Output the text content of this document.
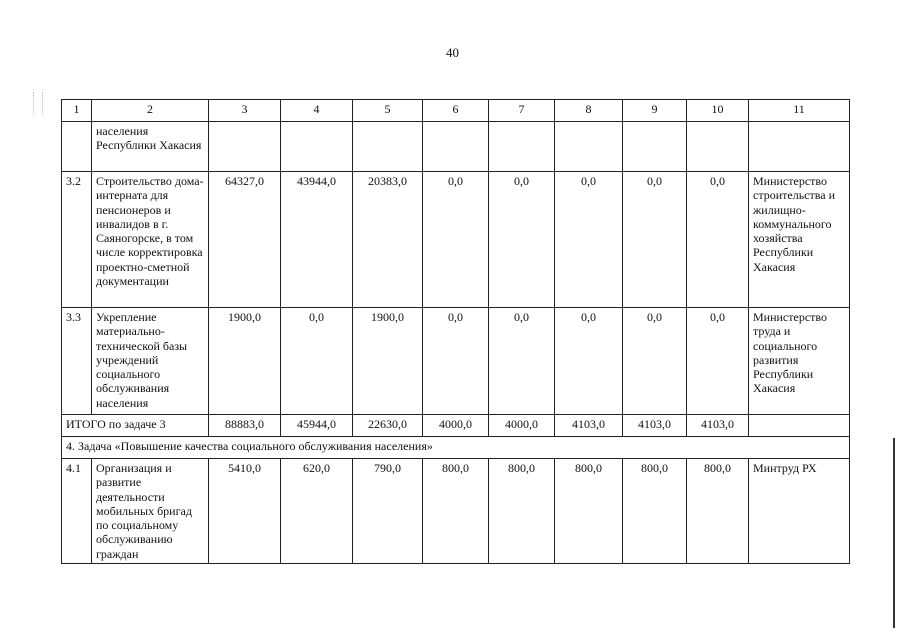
40
1	2	3	4	5	6	7	8	9	10	11
	населения Республики Хакасия									
3.2	Строительство дома-интерната для пенсионеров и инвалидов в г. Саяногорске, в том числе корректировка проектно-сметной документации	64327,0	43944,0	20383,0	0,0	0,0	0,0	0,0	0,0	Министерство строительства и жилищно-коммунального хозяйства Республики Хакасия
3.3	Укрепление материально-технической базы учреждений социального обслуживания населения	1900,0	0,0	1900,0	0,0	0,0	0,0	0,0	0,0	Министерство труда и социального развития Республики Хакасия
ИТОГО по задаче 3		88883,0	45944,0	22630,0	4000,0	4000,0	4103,0	4103,0	4103,0	
4. Задача «Повышение качества социального обслуживания населения»										
4.1	Организация и развитие деятельности мобильных бригад по социальному обслуживанию граждан	5410,0	620,0	790,0	800,0	800,0	800,0	800,0	800,0	Минтруд РХ
